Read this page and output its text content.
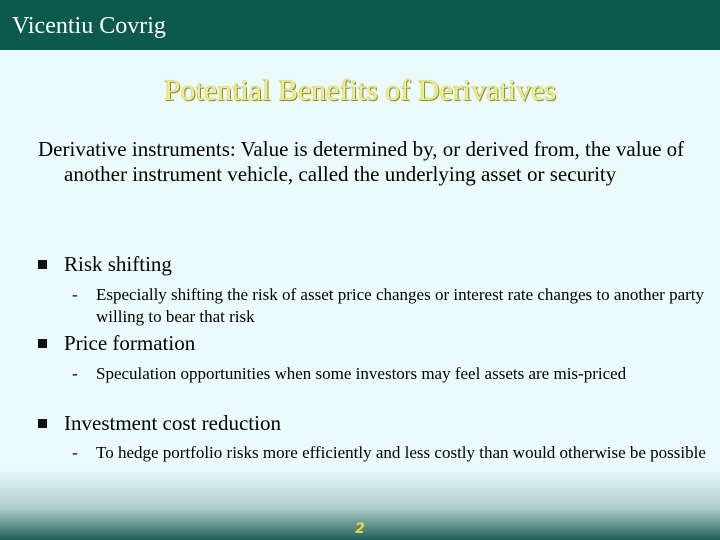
Vicentiu Covrig
Potential Benefits of Derivatives
Derivative instruments: Value is determined by, or derived from, the value of another instrument vehicle, called the underlying asset or security
Risk shifting
- Especially shifting the risk of asset price changes or interest rate changes to another party willing to bear that risk
Price formation
- Speculation opportunities when some investors may feel assets are mis-priced
Investment cost reduction
- To hedge portfolio risks more efficiently and less costly than would otherwise be possible
2
